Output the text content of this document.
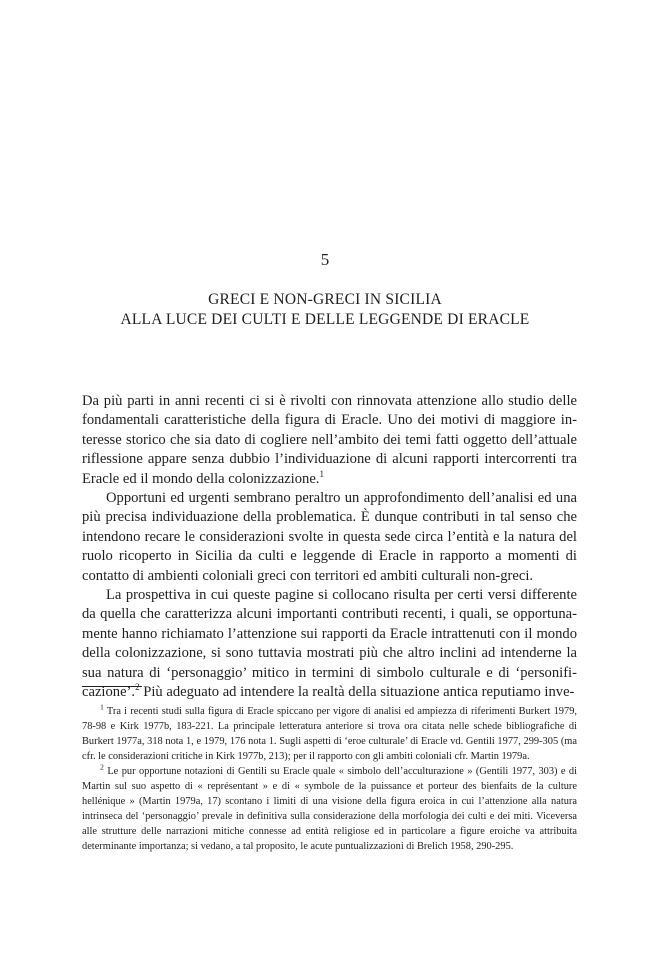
5
GRECI E NON-GRECI IN SICILIA
ALLA LUCE DEI CULTI E DELLE LEGGENDE DI ERACLE

Da più parti in anni recenti ci si è rivolti con rinnovata attenzione allo studio delle fondamentali caratteristiche della figura di Eracle. Uno dei motivi di maggiore interesse storico che sia dato di cogliere nell’ambito dei temi fatti oggetto dell’attuale riflessione appare senza dubbio l’individuazione di alcuni rapporti intercorrenti tra Eracle ed il mondo della colonizzazione.$^1$

Opportuni ed urgenti sembrano peraltro un approfondimento dell’analisi ed una più precisa individuazione della problematica. È dunque contributi in tal senso che intendono recare le considerazioni svolte in questa sede circa l’entità e la natura del ruolo ricoperto in Sicilia da culti e leggende di Eracle in rapporto a momenti di contatto di ambienti coloniali greci con territori ed ambiti culturali non-greci.

La prospettiva in cui queste pagine si collocano risulta per certi versi differente da quella che caratterizza alcuni importanti contributi recenti, i quali, se opportunamente hanno richiamato l’attenzione sui rapporti da Eracle intrattenuti con il mondo della colonizzazione, si sono tuttavia mostrati più che altro inclini ad intenderne la sua natura di ‘personaggio’ mitico in termini di simbolo culturale e di ‘personificazione’.$^2$ Più adeguato ad intendere la realtà della situazione antica reputiamo inve-

$^1$ Tra i recenti studi sulla figura di Eracle spiccano per vigore di analisi ed ampiezza di riferimenti Burkert 1979, 78-98 e Kirk 1977b, 183-221. La principale letteratura anteriore si trova ora citata nelle schede bibliografiche di Burkert 1977a, 318 nota 1, e 1979, 176 nota 1. Sugli aspetti di ‘eroe culturale’ di Eracle vd. Gentili 1977, 299-305 (ma cfr. le considerazioni critiche in Kirk 1977b, 213); per il rapporto con gli ambiti coloniali cfr. Martin 1979a.

$^2$ Le pur opportune notazioni di Gentili su Eracle quale « simbolo dell’acculturazione » (Gentili 1977, 303) e di Martin sul suo aspetto di « représentant » e di « symbole de la puissance et porteur des bienfaits de la culture hellénique » (Martin 1979a, 17) scontano i limiti di una visione della figura eroica in cui l’attenzione alla natura intrinseca del ‘personaggio’ prevale in definitiva sulla considerazione della morfologia dei culti e dei miti. Viceversa alle strutture delle narrazioni mitiche connesse ad entità religiose ed in particolare a figure eroiche va attribuita determinante importanza; si vedano, a tal proposito, le acute puntualizzazioni di Brelich 1958, 290-295.
